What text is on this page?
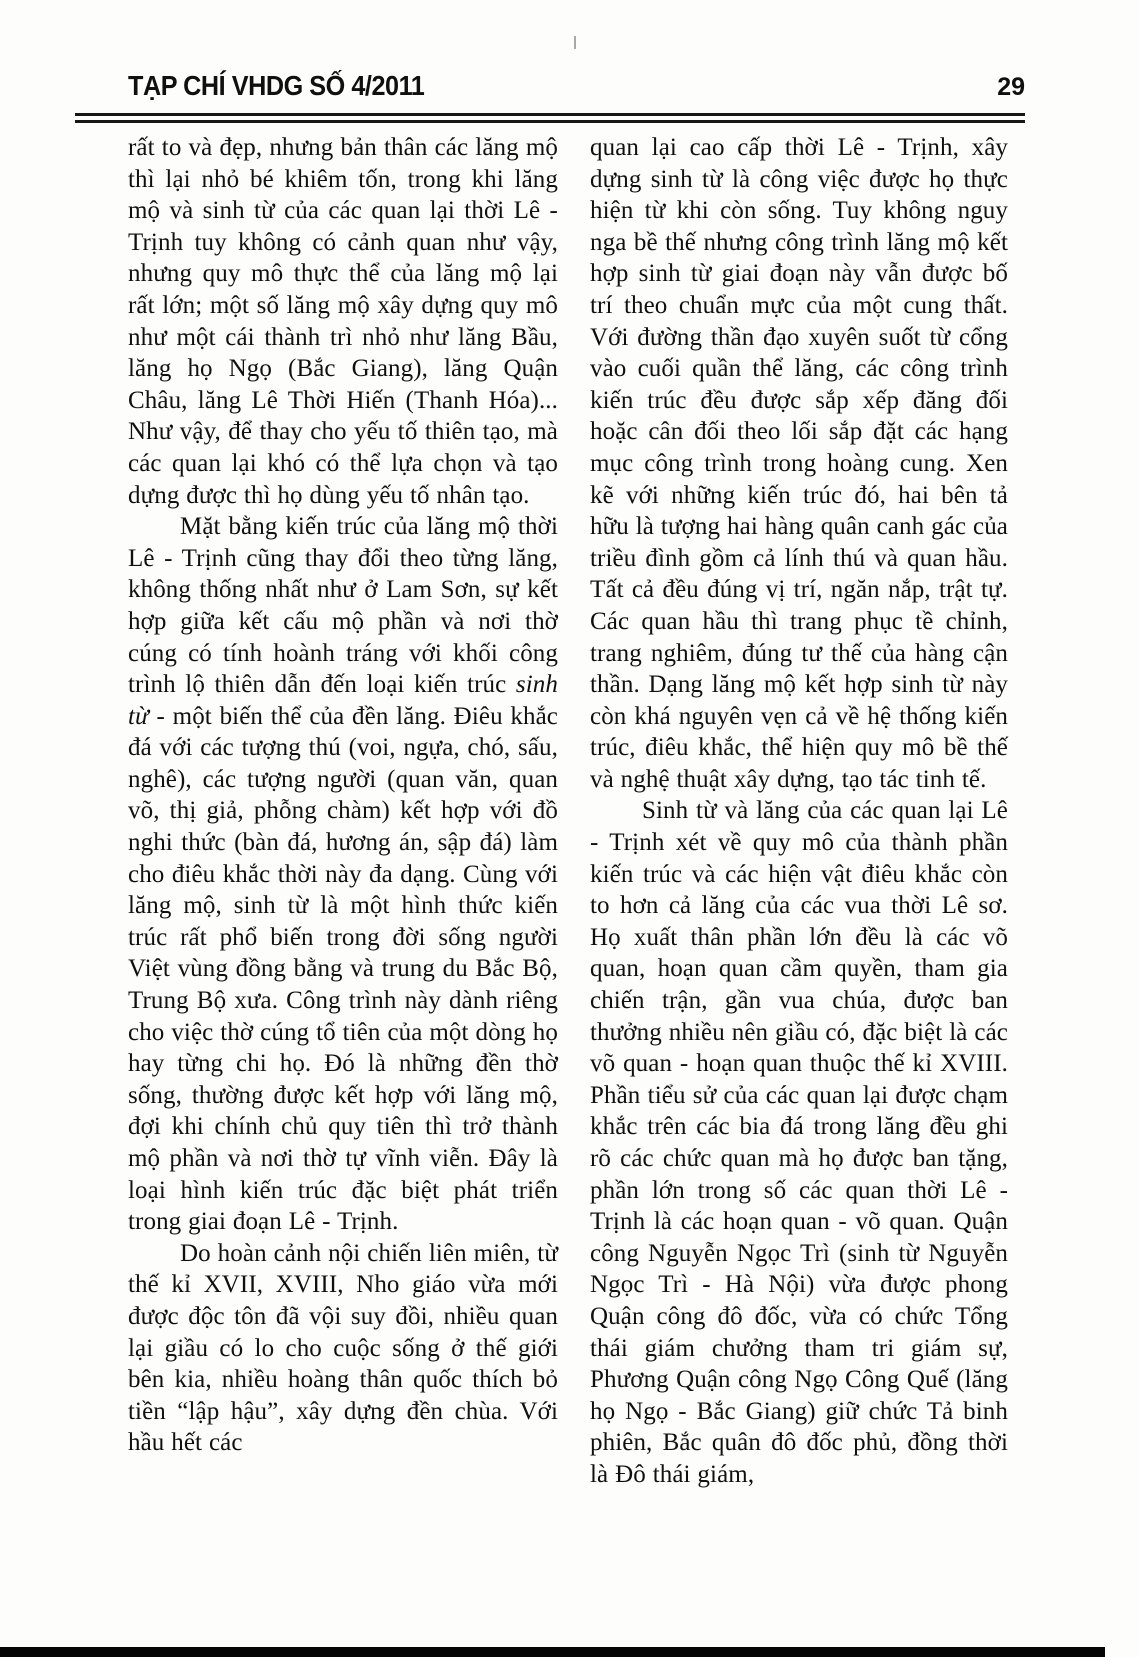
TẠP CHÍ VHDG SỐ 4/2011	29

rất to và đẹp, nhưng bản thân các lăng mộ thì lại nhỏ bé khiêm tốn, trong khi lăng mộ và sinh từ của các quan lại thời Lê - Trịnh tuy không có cảnh quan như vậy, nhưng quy mô thực thể của lăng mộ lại rất lớn; một số lăng mộ xây dựng quy mô như một cái thành trì nhỏ như lăng Bầu, lăng họ Ngọ (Bắc Giang), lăng Quận Châu, lăng Lê Thời Hiến (Thanh Hóa)... Như vậy, để thay cho yếu tố thiên tạo, mà các quan lại khó có thể lựa chọn và tạo dựng được thì họ dùng yếu tố nhân tạo.

Mặt bằng kiến trúc của lăng mộ thời Lê - Trịnh cũng thay đổi theo từng lăng, không thống nhất như ở Lam Sơn, sự kết hợp giữa kết cấu mộ phần và nơi thờ cúng có tính hoành tráng với khối công trình lộ thiên dẫn đến loại kiến trúc sinh từ - một biến thể của đền lăng. Điêu khắc đá với các tượng thú (voi, ngựa, chó, sấu, nghê), các tượng người (quan văn, quan võ, thị giả, phỗng chàm) kết hợp với đồ nghi thức (bàn đá, hương án, sập đá) làm cho điêu khắc thời này đa dạng. Cùng với lăng mộ, sinh từ là một hình thức kiến trúc rất phổ biến trong đời sống người Việt vùng đồng bằng và trung du Bắc Bộ, Trung Bộ xưa. Công trình này dành riêng cho việc thờ cúng tổ tiên của một dòng họ hay từng chi họ. Đó là những đền thờ sống, thường được kết hợp với lăng mộ, đợi khi chính chủ quy tiên thì trở thành mộ phần và nơi thờ tự vĩnh viễn. Đây là loại hình kiến trúc đặc biệt phát triển trong giai đoạn Lê - Trịnh.

Do hoàn cảnh nội chiến liên miên, từ thế kỉ XVII, XVIII, Nho giáo vừa mới được độc tôn đã vội suy đồi, nhiều quan lại giầu có lo cho cuộc sống ở thế giới bên kia, nhiều hoàng thân quốc thích bỏ tiền “lập hậu”, xây dựng đền chùa. Với hầu hết các

quan lại cao cấp thời Lê - Trịnh, xây dựng sinh từ là công việc được họ thực hiện từ khi còn sống. Tuy không nguy nga bề thế nhưng công trình lăng mộ kết hợp sinh từ giai đoạn này vẫn được bố trí theo chuẩn mực của một cung thất. Với đường thần đạo xuyên suốt từ cổng vào cuối quần thể lăng, các công trình kiến trúc đều được sắp xếp đăng đối hoặc cân đối theo lối sắp đặt các hạng mục công trình trong hoàng cung. Xen kẽ với những kiến trúc đó, hai bên tả hữu là tượng hai hàng quân canh gác của triều đình gồm cả lính thú và quan hầu. Tất cả đều đúng vị trí, ngăn nắp, trật tự. Các quan hầu thì trang phục tề chỉnh, trang nghiêm, đúng tư thế của hàng cận thần. Dạng lăng mộ kết hợp sinh từ này còn khá nguyên vẹn cả về hệ thống kiến trúc, điêu khắc, thể hiện quy mô bề thế và nghệ thuật xây dựng, tạo tác tinh tế.

Sinh từ và lăng của các quan lại Lê - Trịnh xét về quy mô của thành phần kiến trúc và các hiện vật điêu khắc còn to hơn cả lăng của các vua thời Lê sơ. Họ xuất thân phần lớn đều là các võ quan, hoạn quan cầm quyền, tham gia chiến trận, gần vua chúa, được ban thưởng nhiều nên giầu có, đặc biệt là các võ quan - hoạn quan thuộc thế kỉ XVIII. Phần tiểu sử của các quan lại được chạm khắc trên các bia đá trong lăng đều ghi rõ các chức quan mà họ được ban tặng, phần lớn trong số các quan thời Lê - Trịnh là các hoạn quan - võ quan. Quận công Nguyễn Ngọc Trì (sinh từ Nguyễn Ngọc Trì - Hà Nội) vừa được phong Quận công đô đốc, vừa có chức Tổng thái giám chưởng tham tri giám sự, Phương Quận công Ngọ Công Quế (lăng họ Ngọ - Bắc Giang) giữ chức Tả binh phiên, Bắc quân đô đốc phủ, đồng thời là Đô thái giám,
